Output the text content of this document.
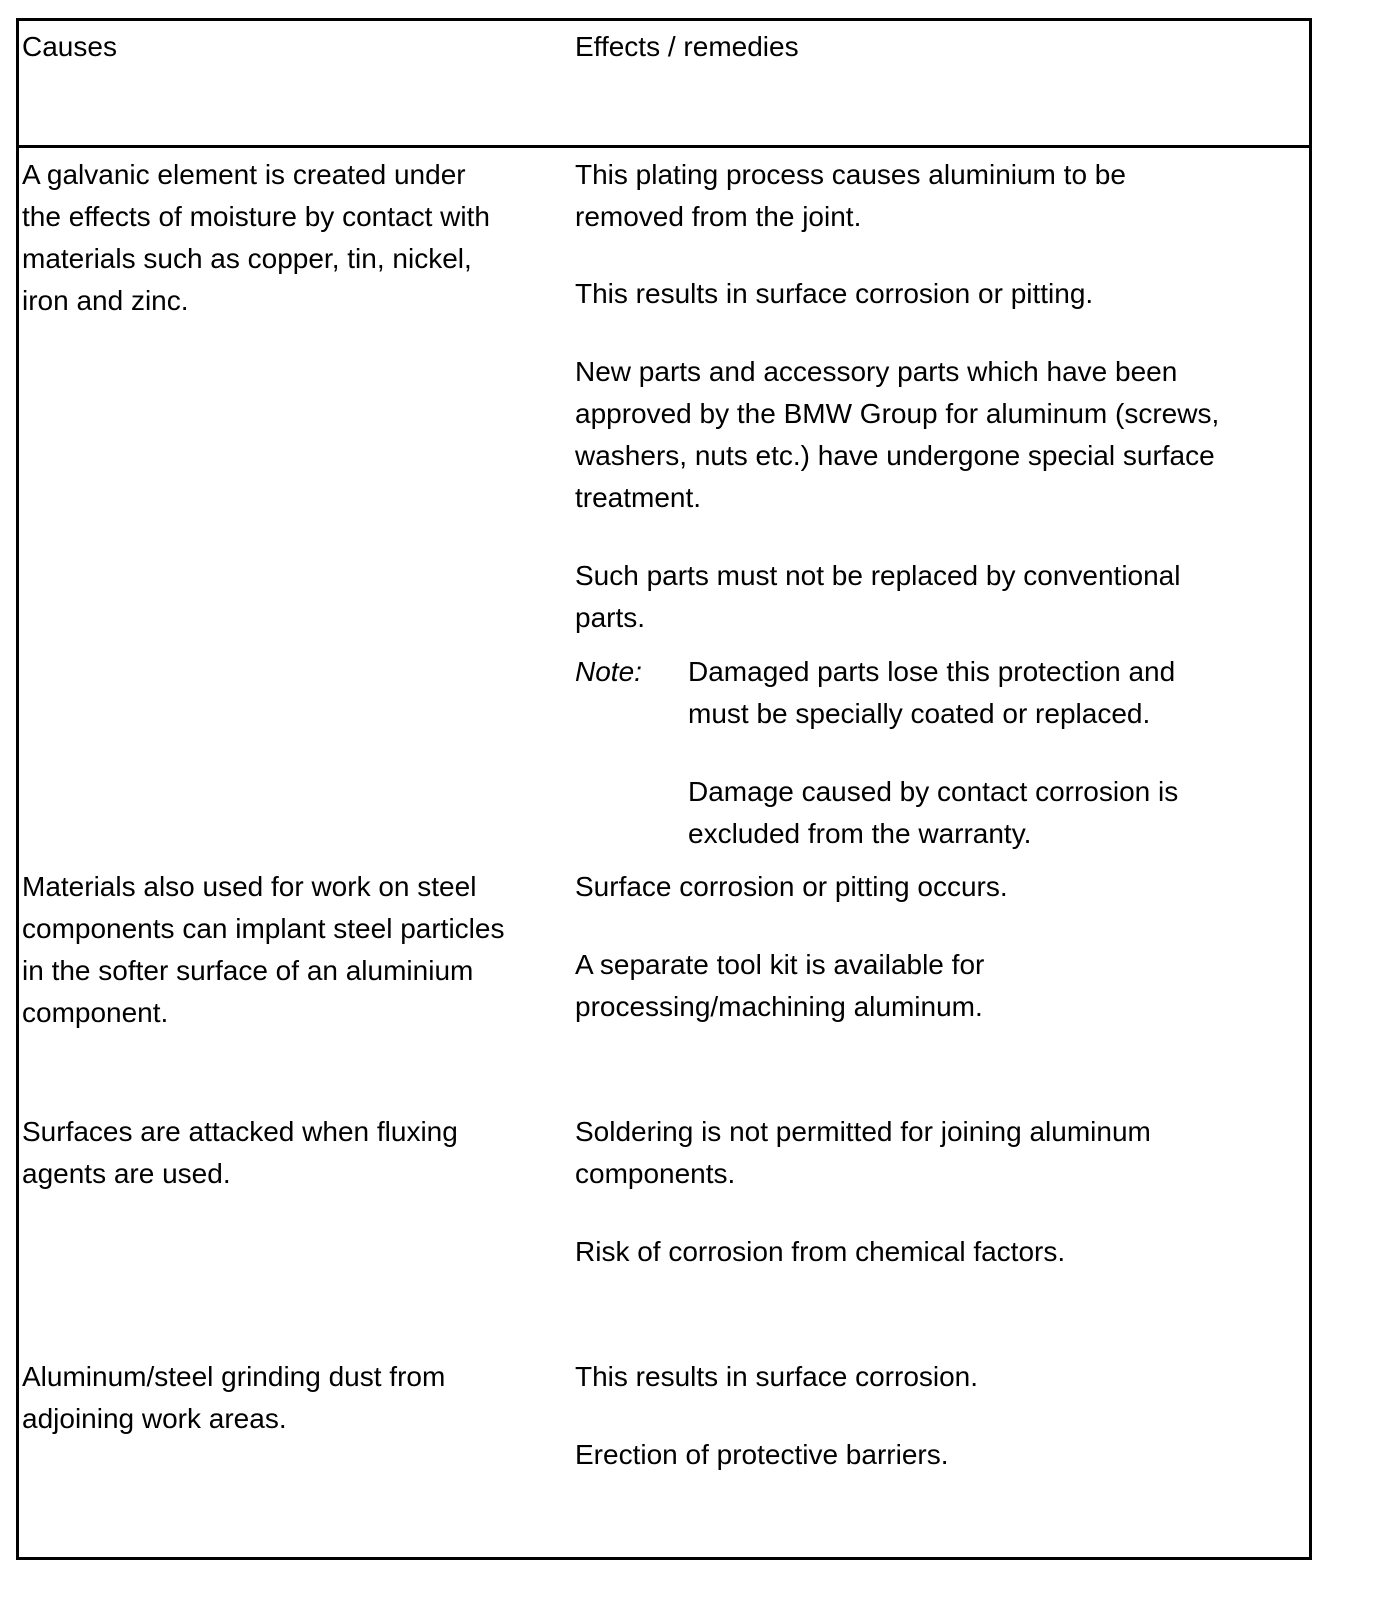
Causes	Effects / remedies
A galvanic element is created under
the effects of moisture by contact with
materials such as copper, tin, nickel,
iron and zinc.
This plating process causes aluminium to be
removed from the joint.
This results in surface corrosion or pitting.
New parts and accessory parts which have been
approved by the BMW Group for aluminum (screws,
washers, nuts etc.) have undergone special surface
treatment.
Note:
Such parts must not be replaced by conventional
parts.
Damaged parts lose this protection and
must be specially coated or replaced.
Damage caused by contact corrosion is
excluded from the warranty.
Materials also used for work on steel
components can implant steel particles
in the softer surface of an aluminium
component.
Surface corrosion or pitting occurs.
A separate tool kit is available for
processing/machining aluminum.
Surfaces are attacked when fluxing
agents are used.
Soldering is not permitted for joining aluminum
components.
Risk of corrosion from chemical factors.
Aluminum/steel grinding dust from
adjoining work areas.
This results in surface corrosion.
Erection of protective barriers.
